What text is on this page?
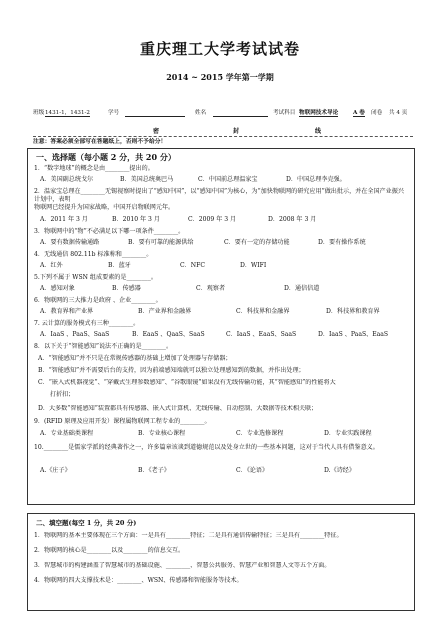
重庆理工大学考试试卷
2014 ~ 2015 学年第一学期
班级 1431-1，1431-2	学号	姓名	考试科目 物联网技术导论	A 卷 闭卷 共 4 页
密	封	线
注意：答案必须全部写在答题纸上，否则不予给分！
一、选择题（每小题 2 分，共 20 分）
1．“数字地球”的概念是由________提出的。
A．美国副总统戈尔	B．美国总统奥巴马	C．中国前总理温家宝	D．中国总理李克强。
2．温家宝总理在________无锡视察时提出了“感知中国”，以“感知中国”为核心，为“加快物联网的研究应用”做出批示，并在全国产业振兴计划中，表明
物联网已经提升为国家战略，中国开启物联网元年。
A．2011 年 3 月	B．2010 年 3 月	C．2009 年 3 月	D．2008 年 3 月
3．物联网中的“物”不必满足以下哪一项条件________。
A．要有数据传输通路	B．要有可靠的能源供给	C．要有一定的存储功能	D．要有操作系统
4．无线通信 802.11b 标准称和________。
A．红外	B．蓝牙	C．NFC	D．WIFI
5.下列不属于 WSN 组成要素的是________。
A．感知对象	B．传感器	C．观察者	D．通信信道
6．物联网的三大推力是政府 、企业________。
A．教育界和产业界	B．产业界和金融界	C．科技界和金融界	D．科技界和教育界
7. 云计算的服务模式有三种________。
A．IaaS 、PaaS、SaaS	B．EaaS 、QaaS、SaaS	C．IaaS 、EaaS、SaaS	D．IaaS 、PaaS、EaaS
8．以下关于“智能感知”说法不正确的是________。
A．“智能感知”并不只是在常规传感器的基础上增加了处理器与存储器；
B．“智能感知”并不需要后台的支持，因为前端感知端就可以独立处理感知到的数据，并作出处理；
C．“嵌入式机器视觉”、“穿戴式生理参数感知”、“谷歌眼镜”如果没有无线传输功能，其“智能感知”的性能将大
打折扣；
D．大多数“智能感知”装置都具有传感器、嵌入式计算机、无线传输、自动控制、大数据等技术相关联；
9．(RFID 原理及应用开发）课程属物联网工程专业的________。
A．专业基础类课程	B．专业核心课程	C．专业选修课程	D．专业实践课程
10.________是儒家学派的经典著作之一，许多篇章该谈到道德规范以及处身立世的一些基本问题，这对于当代人具有借鉴意义。
A.《庄子》	B．《老子》	C．《论语》	D.《诗经》
二、填空题(每空 1 分，共 20 分)
1．物联网的基本主要体现在三个方面：一是具有________特征；二是具有通信传输特征；三是具有________特征。
2．物联网的核心是________以及________的信息交互。
3．智慧城市的构建涵盖了智慧城市的基础设施、________、智慧公共服务、智慧产业和智慧人文等五个方面。
4．物联网的四大支撑技术是：________、WSN、传感器和智能服务等技术。
